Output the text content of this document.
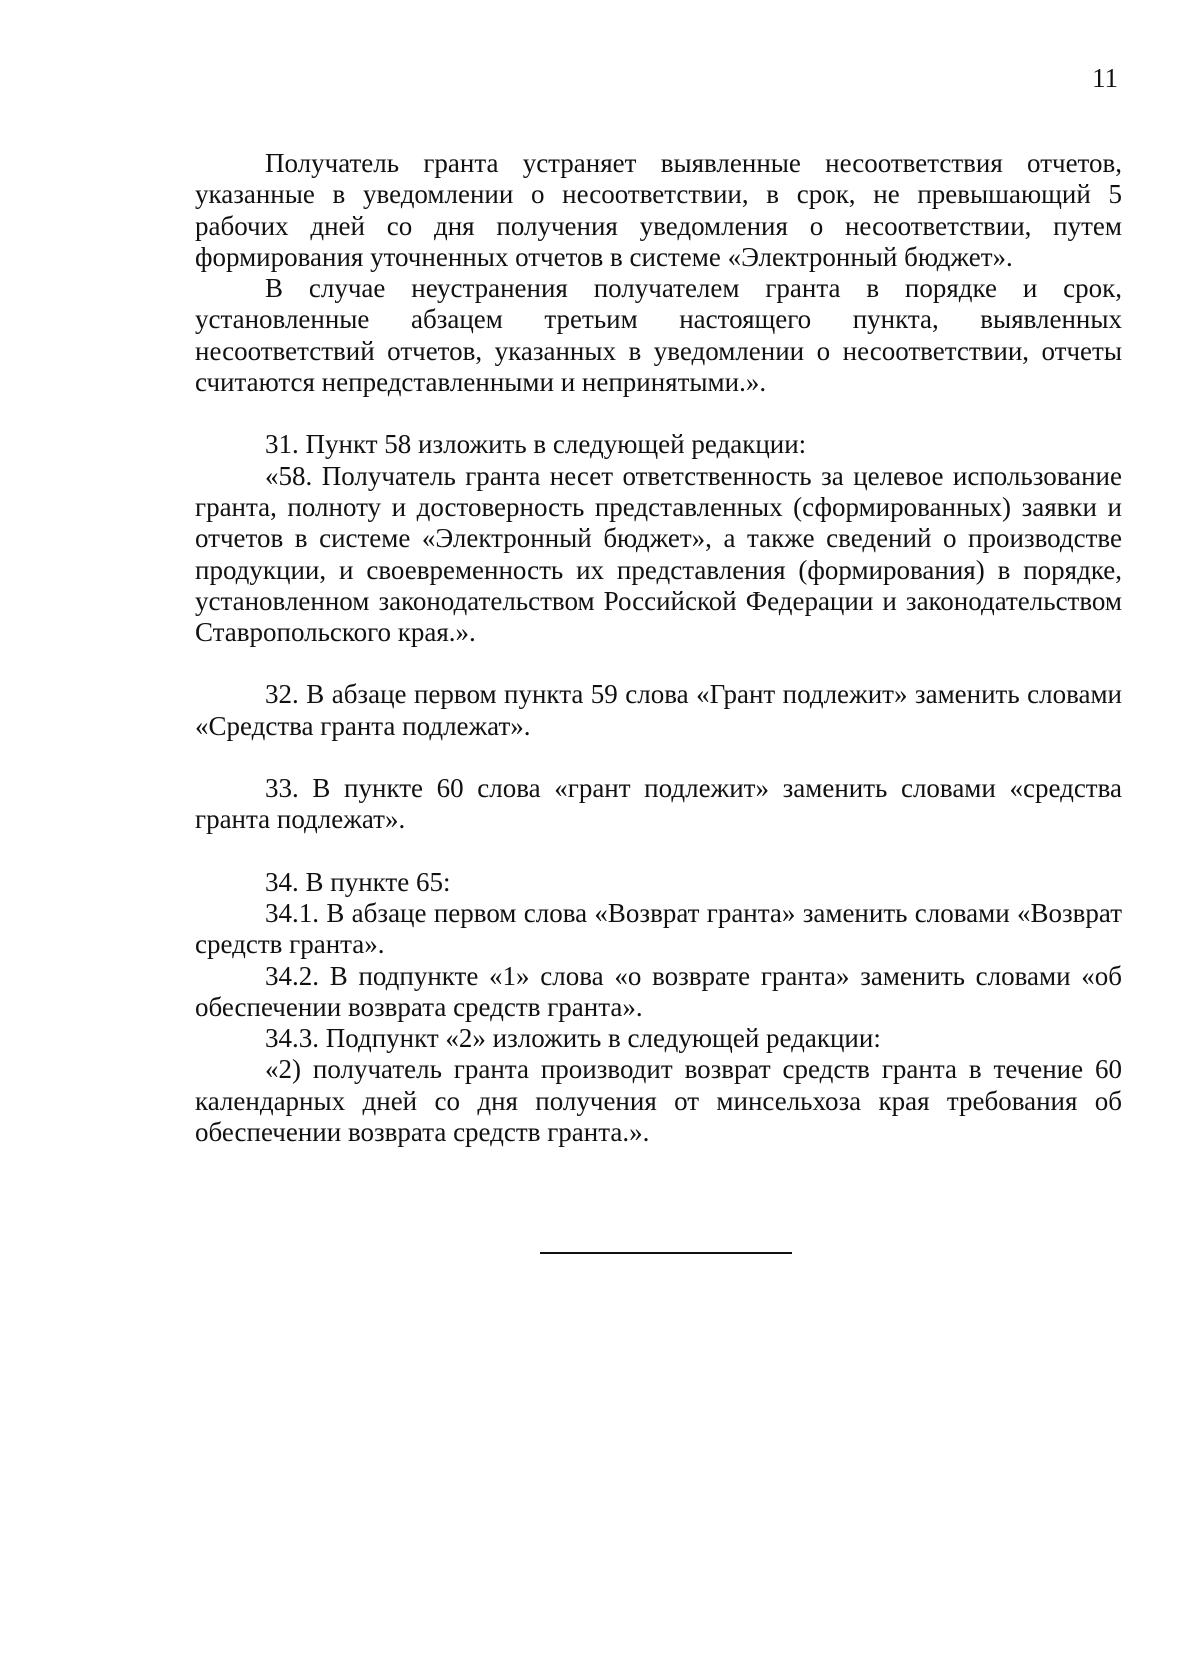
11

Получатель гранта устраняет выявленные несоответствия отчетов, указанные в уведомлении о несоответствии, в срок, не превышающий 5 рабочих дней со дня получения уведомления о несоответствии, путем формирования уточненных отчетов в системе «Электронный бюджет».

В случае неустранения получателем гранта в порядке и срок, установленные абзацем третьим настоящего пункта, выявленных несоответствий отчетов, указанных в уведомлении о несоответствии, отчеты считаются непредставленными и непринятыми.».

31. Пункт 58 изложить в следующей редакции:

«58. Получатель гранта несет ответственность за целевое использование гранта, полноту и достоверность представленных (сформированных) заявки и отчетов в системе «Электронный бюджет», а также сведений о производстве продукции, и своевременность их представления (формирования) в порядке, установленном законодательством Российской Федерации и законодательством Ставропольского края.».

32. В абзаце первом пункта 59 слова «Грант подлежит» заменить словами «Средства гранта подлежат».

33. В пункте 60 слова «грант подлежит» заменить словами «средства гранта подлежат».

34. В пункте 65:

34.1. В абзаце первом слова «Возврат гранта» заменить словами «Возврат средств гранта».

34.2. В подпункте «1» слова «о возврате гранта» заменить словами «об обеспечении возврата средств гранта».

34.3. Подпункт «2» изложить в следующей редакции:

«2) получатель гранта производит возврат средств гранта в течение 60 календарных дней со дня получения от минсельхоза края требования об обеспечении возврата средств гранта.».
